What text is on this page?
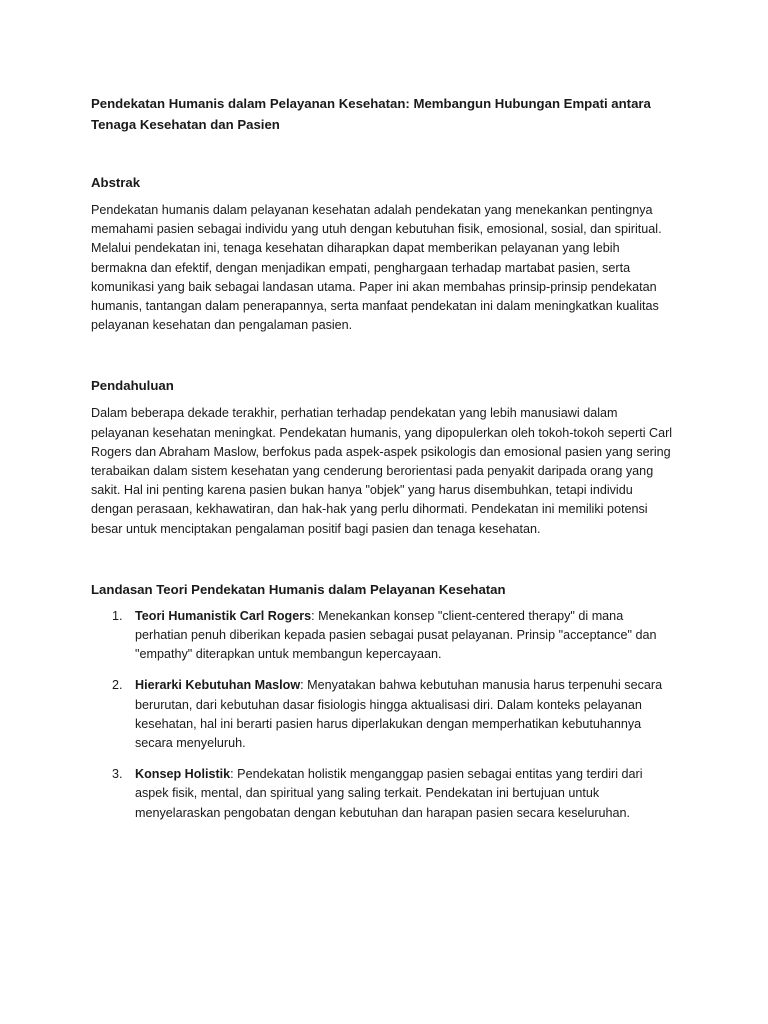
Pendekatan Humanis dalam Pelayanan Kesehatan: Membangun Hubungan Empati antara Tenaga Kesehatan dan Pasien
Abstrak

Pendekatan humanis dalam pelayanan kesehatan adalah pendekatan yang menekankan pentingnya memahami pasien sebagai individu yang utuh dengan kebutuhan fisik, emosional, sosial, dan spiritual. Melalui pendekatan ini, tenaga kesehatan diharapkan dapat memberikan pelayanan yang lebih bermakna dan efektif, dengan menjadikan empati, penghargaan terhadap martabat pasien, serta komunikasi yang baik sebagai landasan utama. Paper ini akan membahas prinsip-prinsip pendekatan humanis, tantangan dalam penerapannya, serta manfaat pendekatan ini dalam meningkatkan kualitas pelayanan kesehatan dan pengalaman pasien.

Pendahuluan

Dalam beberapa dekade terakhir, perhatian terhadap pendekatan yang lebih manusiawi dalam pelayanan kesehatan meningkat. Pendekatan humanis, yang dipopulerkan oleh tokoh-tokoh seperti Carl Rogers dan Abraham Maslow, berfokus pada aspek-aspek psikologis dan emosional pasien yang sering terabaikan dalam sistem kesehatan yang cenderung berorientasi pada penyakit daripada orang yang sakit. Hal ini penting karena pasien bukan hanya "objek" yang harus disembuhkan, tetapi individu dengan perasaan, kekhawatiran, dan hak-hak yang perlu dihormati. Pendekatan ini memiliki potensi besar untuk menciptakan pengalaman positif bagi pasien dan tenaga kesehatan.

Landasan Teori Pendekatan Humanis dalam Pelayanan Kesehatan
1. Teori Humanistik Carl Rogers: Menekankan konsep "client-centered therapy" di mana perhatian penuh diberikan kepada pasien sebagai pusat pelayanan. Prinsip "acceptance" dan "empathy" diterapkan untuk membangun kepercayaan.
2. Hierarki Kebutuhan Maslow: Menyatakan bahwa kebutuhan manusia harus terpenuhi secara berurutan, dari kebutuhan dasar fisiologis hingga aktualisasi diri. Dalam konteks pelayanan kesehatan, hal ini berarti pasien harus diperlakukan dengan memperhatikan kebutuhannya secara menyeluruh.
3. Konsep Holistik: Pendekatan holistik menganggap pasien sebagai entitas yang terdiri dari aspek fisik, mental, dan spiritual yang saling terkait. Pendekatan ini bertujuan untuk menyelaraskan pengobatan dengan kebutuhan dan harapan pasien secara keseluruhan.
